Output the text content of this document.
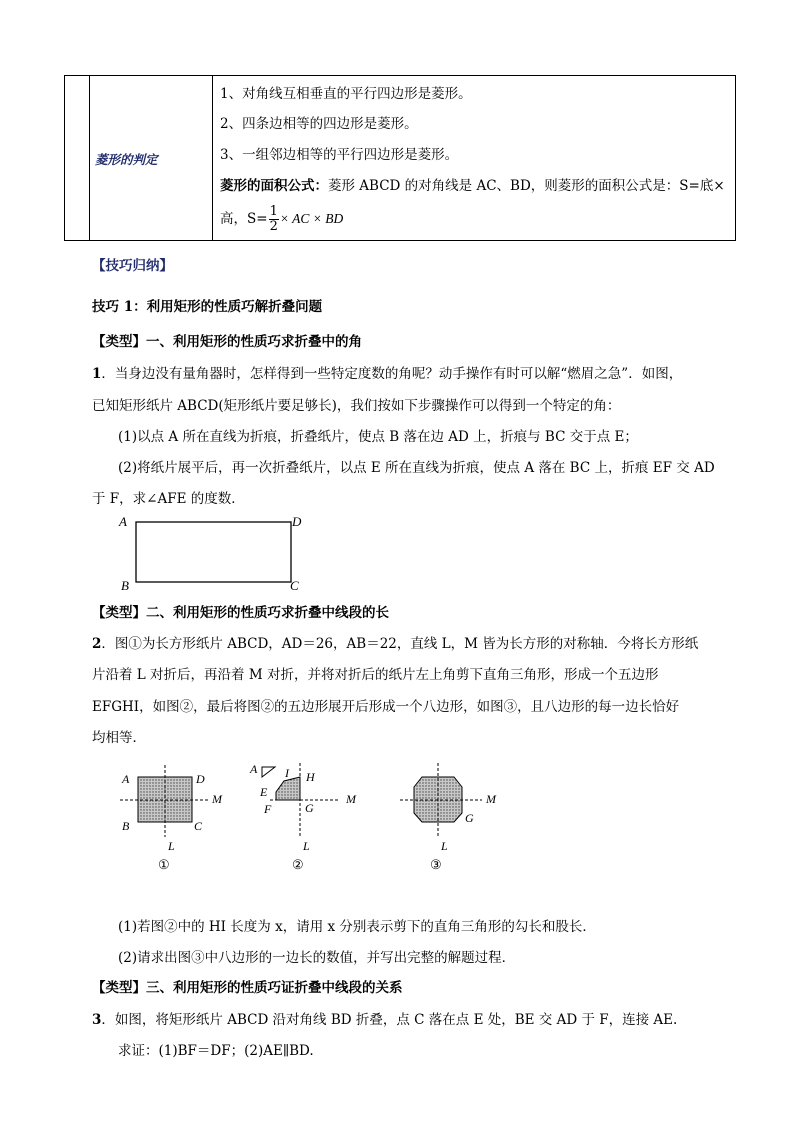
菱形的判定
1、对角线互相垂直的平行四边形是菱形。
2、四条边相等的四边形是菱形。
3、一组邻边相等的平行四边形是菱形。
菱形的面积公式：菱形 ABCD 的对角线是 AC、BD，则菱形的面积公式是：S=底×
高，$S= \frac{1}{2}$ × AC × BD
【技巧归纳】
技巧 1：利用矩形的性质巧解折叠问题
【类型】一、利用矩形的性质巧求折叠中的角
1．当身边没有量角器时，怎样得到一些特定度数的角呢？动手操作有时可以解“燃眉之急”．如图，
已知矩形纸片 ABCD(矩形纸片要足够长)，我们按如下步骤操作可以得到一个特定的角：
(1)以点 A 所在直线为折痕，折叠纸片，使点 B 落在边 AD 上，折痕与 BC 交于点 E；
(2)将纸片展平后，再一次折叠纸片，以点 E 所在直线为折痕，使点 A 落在 BC 上，折痕 EF 交 AD
于 F，求∠AFE 的度数．
A	D
B	C
【类型】二、利用矩形的性质巧求折叠中线段的长
2．图①为长方形纸片 ABCD，AD＝26，AB＝22，直线 L，M 皆为长方形的对称轴．今将长方形纸
片沿着 L 对折后，再沿着 M 对折，并将对折后的纸片左上角剪下直角三角形，形成一个五边形
EFGHI，如图②，最后将图②的五边形展开后形成一个八边形，如图③，且八边形的每一边长恰好
均相等．
A	D
B	C
M
L
①
A I H
E
F	G
M
L
②
G
M
L
③
(1)若图②中的 HI 长度为 x，请用 x 分别表示剪下的直角三角形的勾长和股长．
(2)请求出图③中八边形的一边长的数值，并写出完整的解题过程．
【类型】三、利用矩形的性质巧证折叠中线段的关系
3．如图，将矩形纸片 ABCD 沿对角线 BD 折叠，点 C 落在点 E 处，BE 交 AD 于 F，连接 AE.
求证：(1)BF＝DF；(2)AE∥BD.
